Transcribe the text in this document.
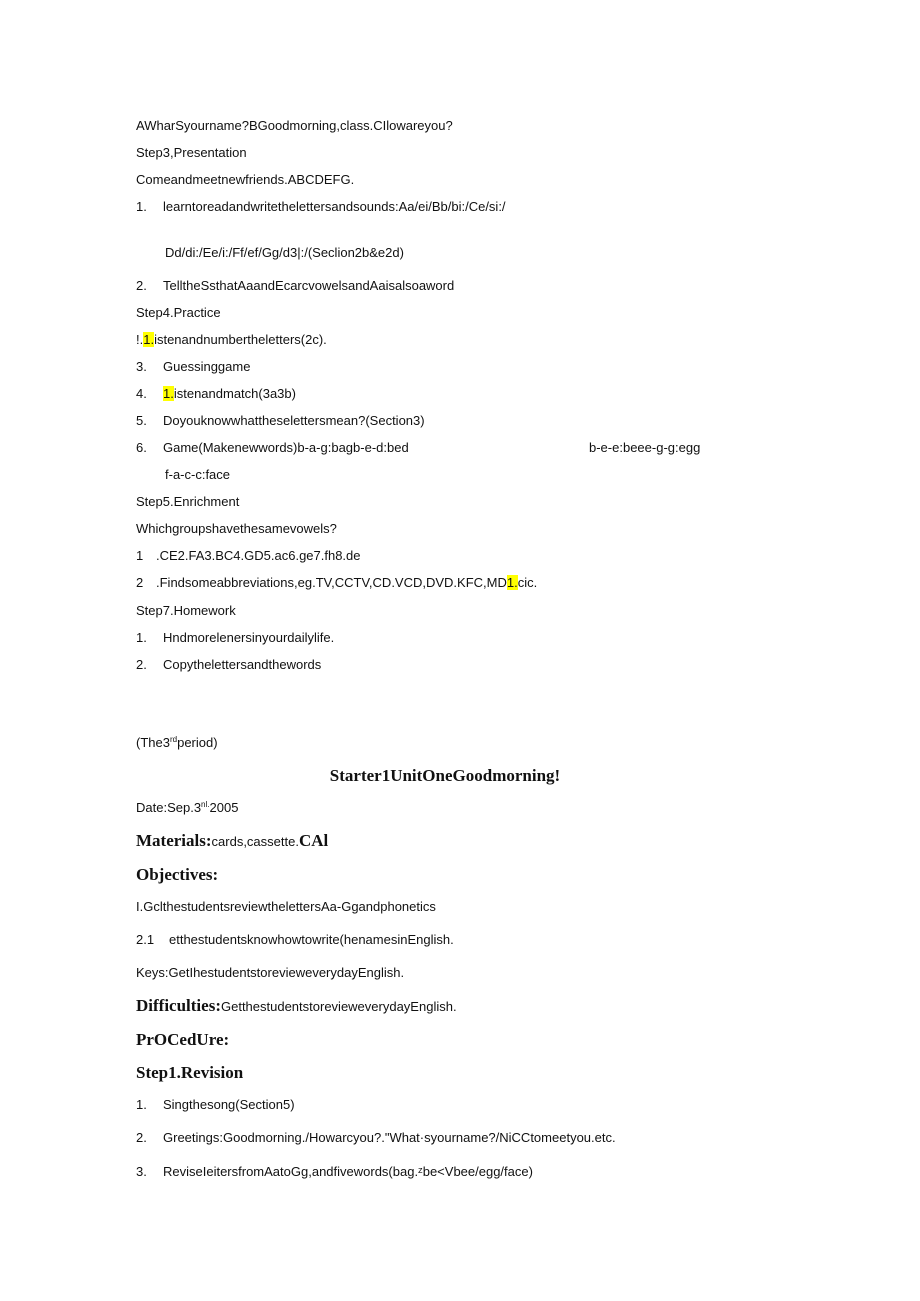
AWharSyourname?BGoodmorning,class.CIlowareyou?
Step3,Presentation
Comeandmeetnewfriends.ABCDEFG.
1. learntoreadandwritethelettersandsounds:Aa/ei/Bb/bi:/Ce/si:/
Dd/di:/Ee/i:/Ff/ef/Gg/d3|:/(Seclion2b&e2d)
2. TelltheSsthatAaandEcarcvowelsandAaisalsoaword
Step4.Practice
!.1.istenandnumbertheletters(2c).
3. Guessinggame
4. 1.istenandmatch(3a3b)
5. Doyouknowwhattheselettersmean?(Section3)
6. Game(Makenewwords)b-a-g:bagb-e-d:bed	b-e-e:beee-g-g:egg
f-a-c-c:face
Step5.Enrichment
Whichgroupshavethesamevowels?
1 .CE2.FA3.BC4.GD5.ac6.ge7.fh8.de
2 .Findsomeabbreviations,eg.TV,CCTV,CD.VCD,DVD.KFC,MD1.cic.
Step7.Homework
1. Hndmorelenersinyourdailylife.
2. Copythelettersandthewords
(The3rdperiod)
Starter1UnitOneGoodmorning!
$Date:Sep.3^{nl.}2005$
Materials:cards,cassette.CAl
Objectives:
I.GclthestudentsreviewthelettersAa-Ggandphonetics
2.1 etthestudentsknowhowtowrite(henamesinEnglish.
Keys:GetIhestudentstorevieweverydayEnglish.
Difficulties:GetthestudentstorevieweverydayEnglish.
PrOCedUre:
Step1.Revision
1. Singthesong(Section5)
2. Greetings:Goodmorning./Howarcyou?."What·syourname?/NiCCtomeetyou.etc.
3. ReviseIeitersfromAatoGg,andfivewords(bag.ᶻbe<Vbee/egg/face)
